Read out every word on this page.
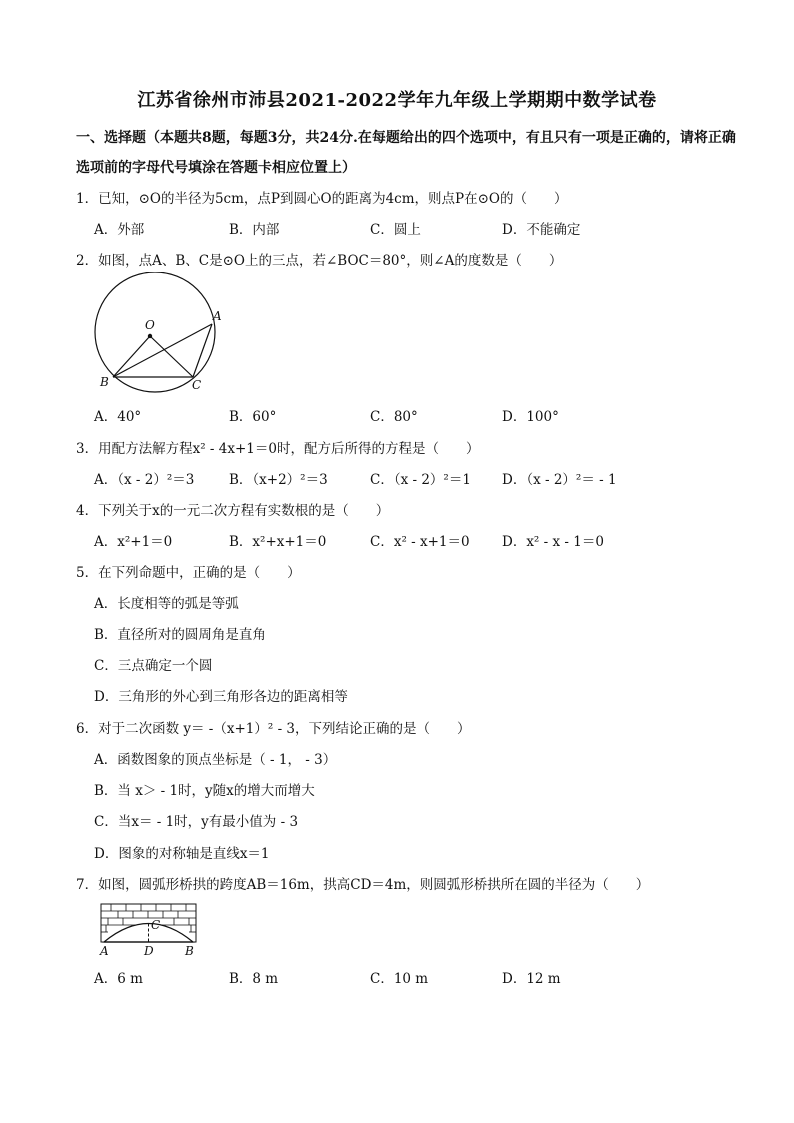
江苏省徐州市沛县2021-2022学年九年级上学期期中数学试卷
一、选择题（本题共8题，每题3分，共24分.在每题给出的四个选项中，有且只有一项是正确的，请将正确选项前的字母代号填涂在答题卡相应位置上）
1．已知，⊙O的半径为5cm，点P到圆心O的距离为4cm，则点P在⊙O的（　　）
A．外部	B．内部	C．圆上	D．不能确定
2．如图，点A、B、C是⊙O上的三点，若∠BOC＝80°，则∠A的度数是（　　）
O
A
B	C
A．40°	B．60°	C．80°	D．100°
3．用配方法解方程x² - 4x+1＝0时，配方后所得的方程是（　　）
A．（x - 2）²＝3	B．（x+2）²＝3	C．（x - 2）²＝1 D．（x - 2）²＝ - 1
4．下列关于x的一元二次方程有实数根的是（　　）
A．x²+1＝0	B．x²+x+1＝0	C．x² - x+1＝0 D．x² - x - 1＝0
5．在下列命题中，正确的是（　　）
A．长度相等的弧是等弧
B．直径所对的圆周角是直角
C．三点确定一个圆
D．三角形的外心到三角形各边的距离相等
6．对于二次函数 y＝ -（x+1）² - 3，下列结论正确的是（　　）
A．函数图象的顶点坐标是（ - 1， - 3）
B．当 x＞ - 1时，y随x的增大而增大
C．当x＝ - 1时，y有最小值为 - 3
D．图象的对称轴是直线x＝1
7．如图，圆弧形桥拱的跨度AB＝16m，拱高CD＝4m，则圆弧形桥拱所在圆的半径为（　　）
C
A	D	B
A．6 m	B．8 m	C．10 m	D．12 m
